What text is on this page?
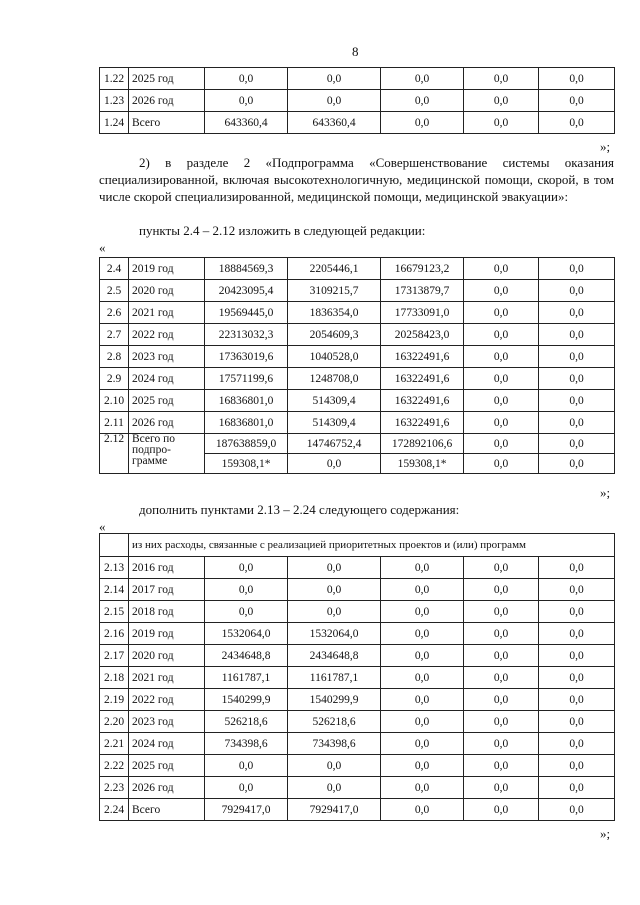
8
1.22	2025 год	0,0	0,0	0,0	0,0	0,0
1.23	2026 год	0,0	0,0	0,0	0,0	0,0
1.24	Всего	643360,4	643360,4	0,0	0,0	0,0
»;
2) в разделе 2 «Подпрограмма «Совершенствование системы оказания специализированной, включая высокотехнологичную, медицинской помощи, скорой, в том числе скорой специализированной, медицинской помощи, медицинской эвакуации»:
пункты 2.4 – 2.12 изложить в следующей редакции:
«
2.4	2019 год	18884569,3	2205446,1	16679123,2	0,0	0,0
2.5	2020 год	20423095,4	3109215,7	17313879,7	0,0	0,0
2.6	2021 год	19569445,0	1836354,0	17733091,0	0,0	0,0
2.7	2022 год	22313032,3	2054609,3	20258423,0	0,0	0,0
2.8	2023 год	17363019,6	1040528,0	16322491,6	0,0	0,0
2.9	2024 год	17571199,6	1248708,0	16322491,6	0,0	0,0
2.10	2025 год	16836801,0	514309,4	16322491,6	0,0	0,0
2.11	2026 год	16836801,0	514309,4	16322491,6	0,0	0,0
2.12	Всего по подпро-грамме	187638859,0	14746752,4	172892106,6	0,0	0,0
		159308,1*	0,0	159308,1*	0,0	0,0
»;
дополнить пунктами 2.13 – 2.24 следующего содержания:
«
	из них расходы, связанные с реализацией приоритетных проектов и (или) программ					
2.13	2016 год	0,0	0,0	0,0	0,0	0,0
2.14	2017 год	0,0	0,0	0,0	0,0	0,0
2.15	2018 год	0,0	0,0	0,0	0,0	0,0
2.16	2019 год	1532064,0	1532064,0	0,0	0,0	0,0
2.17	2020 год	2434648,8	2434648,8	0,0	0,0	0,0
2.18	2021 год	1161787,1	1161787,1	0,0	0,0	0,0
2.19	2022 год	1540299,9	1540299,9	0,0	0,0	0,0
2.20	2023 год	526218,6	526218,6	0,0	0,0	0,0
2.21	2024 год	734398,6	734398,6	0,0	0,0	0,0
2.22	2025 год	0,0	0,0	0,0	0,0	0,0
2.23	2026 год	0,0	0,0	0,0	0,0	0,0
2.24	Всего	7929417,0	7929417,0	0,0	0,0	0,0
»;
